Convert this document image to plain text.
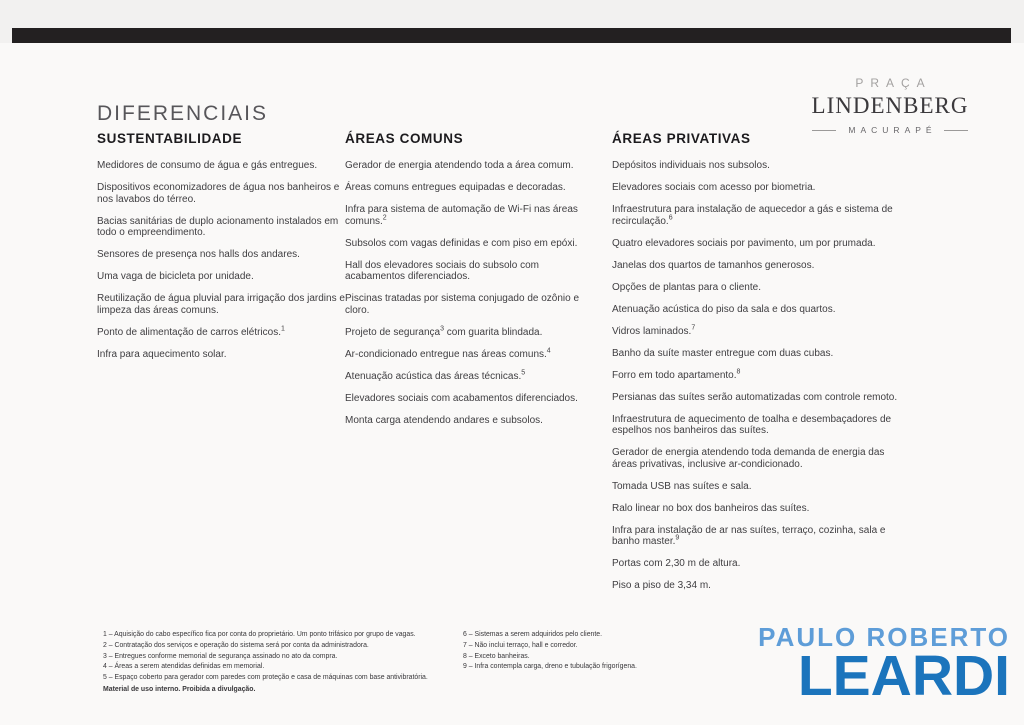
DIFERENCIAIS
PRAÇA
LINDENBERG
MACURAPÉ
SUSTENTABILIDADE

Medidores de consumo de água e gás entregues.

Dispositivos economizadores de água nos banheiros e nos lavabos do térreo.

Bacias sanitárias de duplo acionamento instalados em todo o empreendimento.

Sensores de presença nos halls dos andares.

Uma vaga de bicicleta por unidade.

Reutilização de água pluvial para irrigação dos jardins e limpeza das áreas comuns.

Ponto de alimentação de carros elétricos.$^1$

Infra para aquecimento solar.

ÁREAS COMUNS

Gerador de energia atendendo toda a área comum.

Áreas comuns entregues equipadas e decoradas.

Infra para sistema de automação de Wi-Fi nas áreas comuns.$^2$

Subsolos com vagas definidas e com piso em epóxi.

Hall dos elevadores sociais do subsolo com acabamentos diferenciados.

Piscinas tratadas por sistema conjugado de ozônio e cloro.

Projeto de segurança$^3$ com guarita blindada.

Ar-condicionado entregue nas áreas comuns.$^4$

Atenuação acústica das áreas técnicas.$^5$

Elevadores sociais com acabamentos diferenciados.

Monta carga atendendo andares e subsolos.

ÁREAS PRIVATIVAS

Depósitos individuais nos subsolos.

Elevadores sociais com acesso por biometria.

Infraestrutura para instalação de aquecedor a gás e sistema de recirculação.$^6$

Quatro elevadores sociais por pavimento, um por prumada.

Janelas dos quartos de tamanhos generosos.

Opções de plantas para o cliente.

Atenuação acústica do piso da sala e dos quartos.

Vidros laminados.$^7$

Banho da suíte master entregue com duas cubas.

Forro em todo apartamento.$^8$

Persianas das suítes serão automatizadas com controle remoto.

Infraestrutura de aquecimento de toalha e desembaçadores de espelhos nos banheiros das suítes.

Gerador de energia atendendo toda demanda de energia das áreas privativas, inclusive ar-condicionado.

Tomada USB nas suítes e sala.

Ralo linear no box dos banheiros das suítes.

Infra para instalação de ar nas suítes, terraço, cozinha, sala e banho master.$^9$

Portas com 2,30 m de altura.

Piso a piso de 3,34 m.

1 – Aquisição do cabo específico fica por conta do proprietário. Um ponto trifásico por grupo de vagas.
2 – Contratação dos serviços e operação do sistema será por conta da administradora.
3 – Entregues conforme memorial de segurança assinado no ato da compra.
4 – Áreas a serem atendidas definidas em memorial.
5 – Espaço coberto para gerador com paredes com proteção e casa de máquinas com base antivibratória.
Material de uso interno. Proibida a divulgação.
6 – Sistemas a serem adquiridos pelo cliente.
7 – Não inclui terraço, hall e corredor.
8 – Exceto banheiras.
9 – Infra contempla carga, dreno e tubulação frigorígena.
PAULO ROBERTO
LEARDI
